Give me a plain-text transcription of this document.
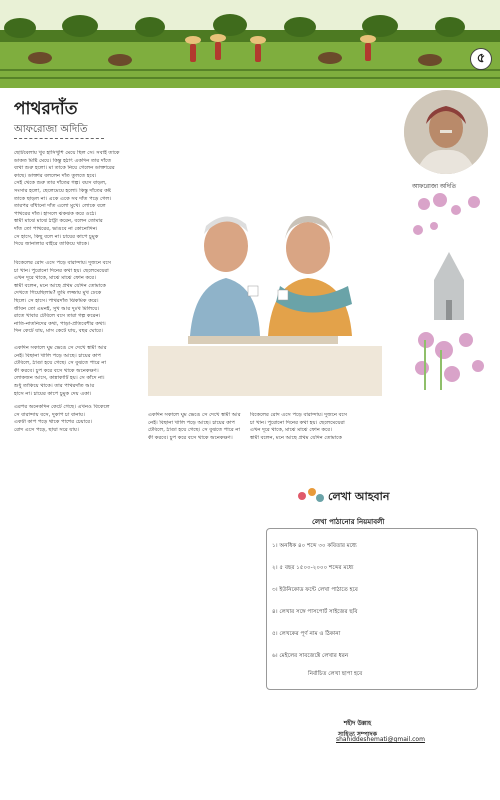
৫
পাথরদাঁত
আফরোজা অদিতি
আফরোজা অদিতি
ছোটবেলায় খুব হাসিখুশি মেয়ে ছিল সে। সবাই তাকে
ডাকত মিষ্টি মেয়ে। কিন্তু হঠাৎ একদিন তার দাঁতে
ব্যথা শুরু হলো। মা তাকে নিয়ে গেলেন ডাক্তারের
কাছে। ডাক্তার বললেন দাঁত তুলতে হবে।
সেই থেকে শুরু তার দাঁতের গল্প। বয়স বাড়ল,
সংসার হলো, ছেলেমেয়ে হলো। কিন্তু দাঁতের কষ্ট
তাকে ছাড়ল না। একে একে সব দাঁত পড়ে গেল।
তারপর বাঁধানো দাঁত এলো মুখে। লোকে বলে
পাথরের দাঁত। হাসলে ঝকঝক করে ওঠে।
স্বামী মাঝে মাঝে ঠাট্টা করেন, বলেন তোমার
দাঁত তো পাথরের, ভাঙবে না কোনোদিন।
সে হাসে, কিছু বলে না। চায়ের কাপে চুমুক
দিয়ে জানালার বাইরে তাকিয়ে থাকে।
বিকেলের রোদ এসে পড়ে বারান্দায়। দুজনে বসে
চা খান। পুরোনো দিনের কথা হয়। ছেলেমেয়েরা
এখন দূরে থাকে, মাঝে মাঝে ফোন করে।
স্বামী বলেন, মনে আছে প্রথম যেদিন তোমাকে
দেখতে গিয়েছিলাম? তুমি লজ্জায় মুখ ঢেকে
ছিলে। সে হাসে। পাথরদাঁত ঝিকমিক করে।
জীবন তো এমনই, সুখ আর দুঃখ মিলিয়ে।
রাতে খাবার টেবিলে বসে তারা গল্প করেন।
নাতি-নাতনিদের কথা, পাড়া-প্রতিবেশীর কথা।
দিন কেটে যায়, মাস কেটে যায়, বছর ঘোরে।
একদিন সকালে ঘুম ভেঙে সে দেখে স্বামী আর
নেই। বিছানা খালি পড়ে আছে। চায়ের কাপ
টেবিলে, ঠাণ্ডা হয়ে গেছে। সে বুঝতে পারে না
কী করবে। চুপ করে বসে থাকে অনেকক্ষণ।
লোকজন আসে, কান্নাকাটি হয়। সে কাঁদে না।
শুধু তাকিয়ে থাকে। তার পাথরদাঁত আর
হাসে না। চায়ের কাপে চুমুক দেয় একা।
এরপর অনেকদিন কেটে গেছে। এখনও বিকেলে
সে বারান্দায় বসে, দুকাপ চা বানায়।
একটা কাপ পড়ে থাকে পাশের চেয়ারে।
রোদ এসে পড়ে, ছায়া সরে যায়।
একদিন সকালে ঘুম ভেঙে সে দেখে স্বামী আর
নেই। বিছানা খালি পড়ে আছে। চায়ের কাপ
টেবিলে, ঠাণ্ডা হয়ে গেছে। সে বুঝতে পারে না
কী করবে। চুপ করে বসে থাকে অনেকক্ষণ।
বিকেলের রোদ এসে পড়ে বারান্দায়। দুজনে বসে
চা খান। পুরোনো দিনের কথা হয়। ছেলেমেয়েরা
এখন দূরে থাকে, মাঝে মাঝে ফোন করে।
স্বামী বলেন, মনে আছে প্রথম যেদিন তোমাকে
লেখা আহবান
লেখা পাঠানোর নিয়মাবলী
১। অনধিক ৪০ শব্দে ৩০ কবিতার মধ্যে
২। ৫ বছর ১৫০০-২০০০ শব্দের মধ্যে
৩। ইউনিকোড ফন্টে লেখা পাঠাতে হবে
৪। লেখার সঙ্গে পাসপোর্ট সাইজের ছবি
৫। লেখকের পূর্ণ নাম ও ঠিকানা
৬। মেইলের সাবজেক্টে লেখার ধরন
নির্বাচিত লেখা ছাপা হবে
শহীদ উল্লাহ
সাহিত্য সম্পাদক
shahiddeshemati@gmail.com
